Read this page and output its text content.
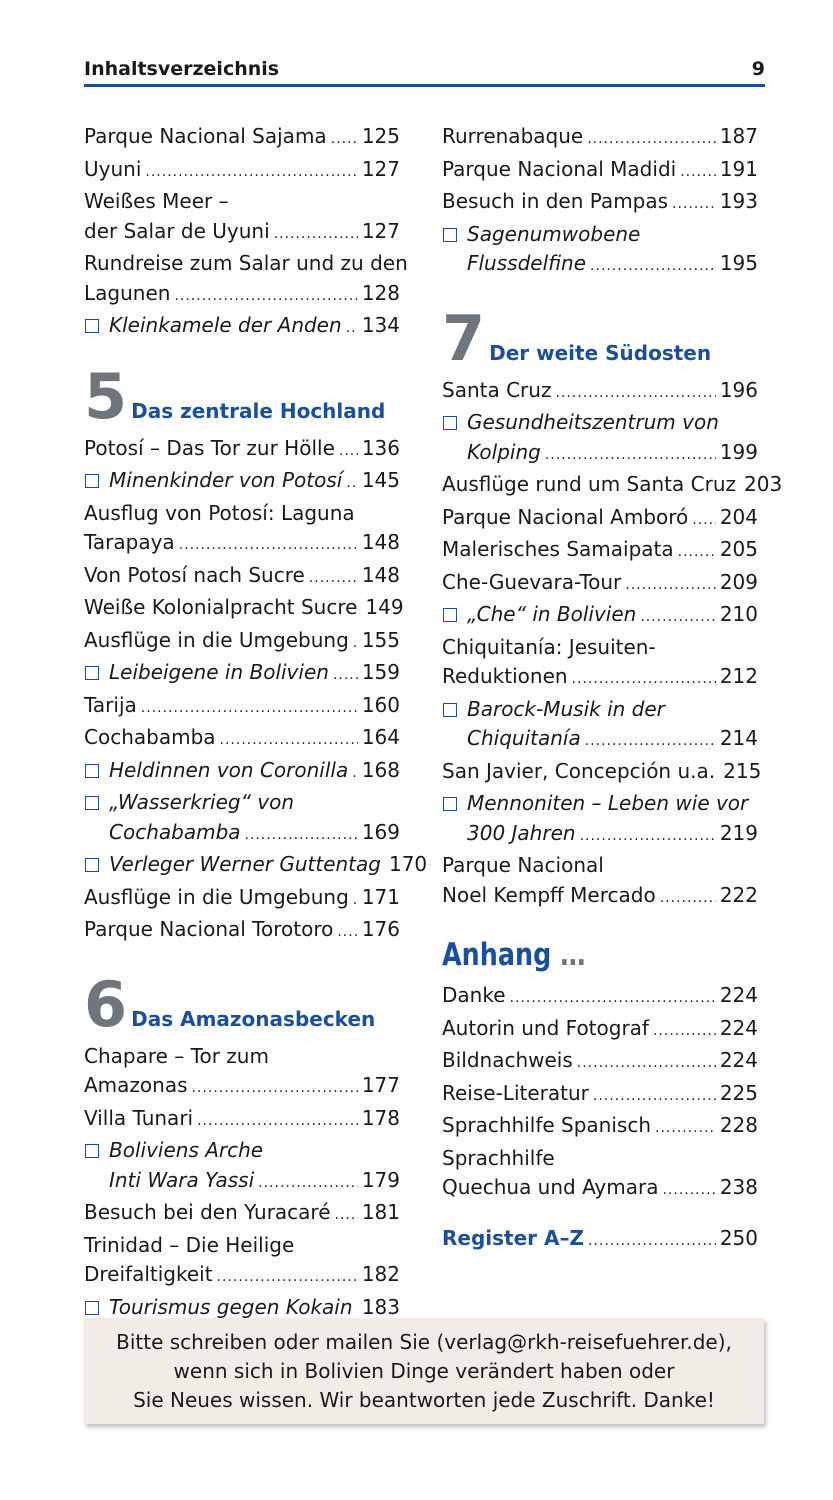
Inhaltsverzeichnis	9
Parque Nacional Sajama ..... 125
Uyuni .....	127
Weißes Meer –
der Salar de Uyuni .....	127
Rundreise zum Salar und zu den
Lagunen .....	128
Kleinkamele der Anden ..... 134
5 Das zentrale Hochland
Potosí – Das Tor zur Hölle ..... 136
Minenkinder von Potosí ..... 145
Ausflug von Potosí: Laguna
Tarapaya .....	148
Von Potosí nach Sucre .....	148
Weiße Kolonialpracht Sucre 149
Ausflüge in die Umgebung ..... 155
Leibeigene in Bolivien ..... 159
Tarija .....	160
Cochabamba .....	164
Heldinnen von Coronilla ..... 168
„Wasserkrieg“ von
Cochabamba .....	169
Verleger Werner Guttentag 170
Ausflüge in die Umgebung ..... 171
Parque Nacional Torotoro ..... 176
6 Das Amazonasbecken
Chapare – Tor zum
Amazonas .....	177
Villa Tunari .....	178
Boliviens Arche
Inti Wara Yassi .....	179
Besuch bei den Yuracaré ..... 181
Trinidad – Die Heilige
Dreifaltigkeit .....	182
Tourismus gegen Kokain ..... 183
Rurrenabaque .....	187
Parque Nacional Madidi ..... 191
Besuch in den Pampas .....	193
Sagenumwobene
Flussdelfine .....	195
7 Der weite Südosten
Santa Cruz .....	196
Gesundheitszentrum von
Kolping .....	199
Ausflüge rund um Santa Cruz 203
Parque Nacional Amboró ..... 204
Malerisches Samaipata ..... 205
Che-Guevara-Tour .....	209
„Che“ in Bolivien .....	210
Chiquitanía: Jesuiten-
Reduktionen .....	212
Barock-Musik in der
Chiquitanía .....	214
San Javier, Concepción u.a. 215
Mennoniten – Leben wie vor
300 Jahren .....	219
Parque Nacional
Noel Kempff Mercado .....	222
Anhang …
Danke .....	224
Autorin und Fotograf .....	224
Bildnachweis .....	224
Reise-Literatur .....	225
Sprachhilfe Spanisch .....	228
Sprachhilfe
Quechua und Aymara .....	238
Register A–Z .....	250
Bitte schreiben oder mailen Sie (verlag@rkh-reisefuehrer.de),
wenn sich in Bolivien Dinge verändert haben oder
Sie Neues wissen. Wir beantworten jede Zuschrift. Danke!
